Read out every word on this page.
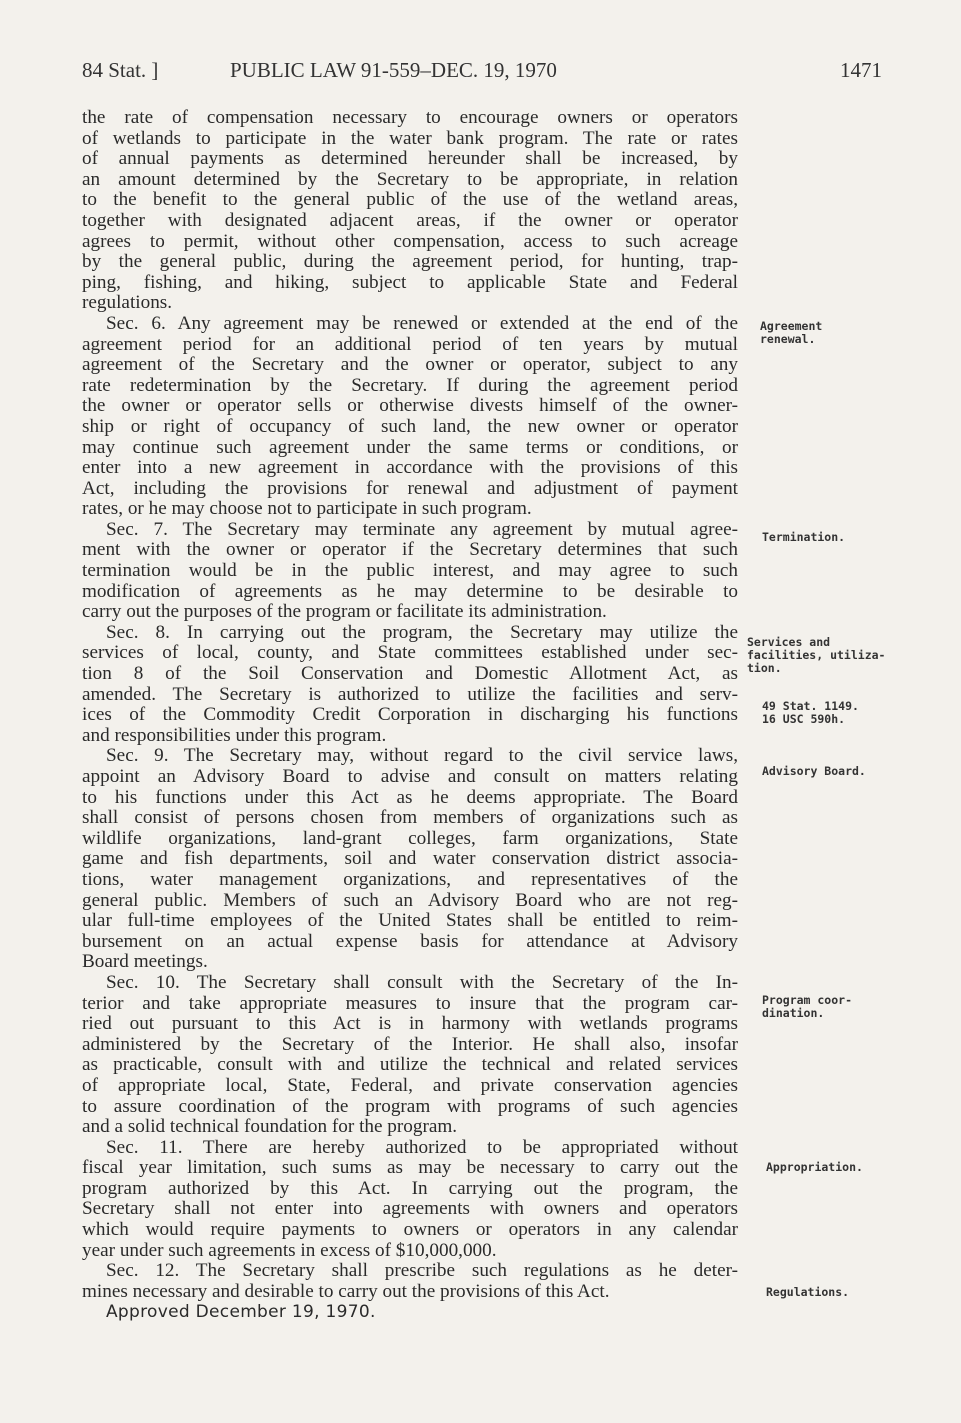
84 Stat. ]	PUBLIC LAW 91-559–DEC. 19, 1970	1471
the rate of compensation necessary to encourage owners or operators
of wetlands to participate in the water bank program. The rate or rates
of annual payments as determined hereunder shall be increased, by
an amount determined by the Secretary to be appropriate, in relation
to the benefit to the general public of the use of the wetland areas,
together with designated adjacent areas, if the owner or operator
agrees to permit, without other compensation, access to such acreage
by the general public, during the agreement period, for hunting, trap-
ping, fishing, and hiking, subject to applicable State and Federal
regulations.
Sec. 6. Any agreement may be renewed or extended at the end of the
agreement period for an additional period of ten years by mutual
agreement of the Secretary and the owner or operator, subject to any
rate redetermination by the Secretary. If during the agreement period
the owner or operator sells or otherwise divests himself of the owner-
ship or right of occupancy of such land, the new owner or operator
may continue such agreement under the same terms or conditions, or
enter into a new agreement in accordance with the provisions of this
Act, including the provisions for renewal and adjustment of payment
rates, or he may choose not to participate in such program.
Sec. 7. The Secretary may terminate any agreement by mutual agree-
ment with the owner or operator if the Secretary determines that such
termination would be in the public interest, and may agree to such
modification of agreements as he may determine to be desirable to
carry out the purposes of the program or facilitate its administration.
Sec. 8. In carrying out the program, the Secretary may utilize the
services of local, county, and State committees established under sec-
tion 8 of the Soil Conservation and Domestic Allotment Act, as
amended. The Secretary is authorized to utilize the facilities and serv-
ices of the Commodity Credit Corporation in discharging his functions
and responsibilities under this program.
Sec. 9. The Secretary may, without regard to the civil service laws,
appoint an Advisory Board to advise and consult on matters relating
to his functions under this Act as he deems appropriate. The Board
shall consist of persons chosen from members of organizations such as
wildlife organizations, land-grant colleges, farm organizations, State
game and fish departments, soil and water conservation district associa-
tions, water management organizations, and representatives of the
general public. Members of such an Advisory Board who are not reg-
ular full-time employees of the United States shall be entitled to reim-
bursement on an actual expense basis for attendance at Advisory
Board meetings.
Sec. 10. The Secretary shall consult with the Secretary of the In-
terior and take appropriate measures to insure that the program car-
ried out pursuant to this Act is in harmony with wetlands programs
administered by the Secretary of the Interior. He shall also, insofar
as practicable, consult with and utilize the technical and related services
of appropriate local, State, Federal, and private conservation agencies
to assure coordination of the program with programs of such agencies
and a solid technical foundation for the program.
Sec. 11. There are hereby authorized to be appropriated without
fiscal year limitation, such sums as may be necessary to carry out the
program authorized by this Act. In carrying out the program, the
Secretary shall not enter into agreements with owners and operators
which would require payments to owners or operators in any calendar
year under such agreements in excess of $10,000,000.
Sec. 12. The Secretary shall prescribe such regulations as he deter-
mines necessary and desirable to carry out the provisions of this Act.
Approved December 19, 1970.
Agreement
renewal.
Termination.
Services and
facilities, utiliza-
tion.
49 Stat. 1149.
16 USC 590h.
Advisory Board.
Program coor-
dination.
Appropriation.
Regulations.
